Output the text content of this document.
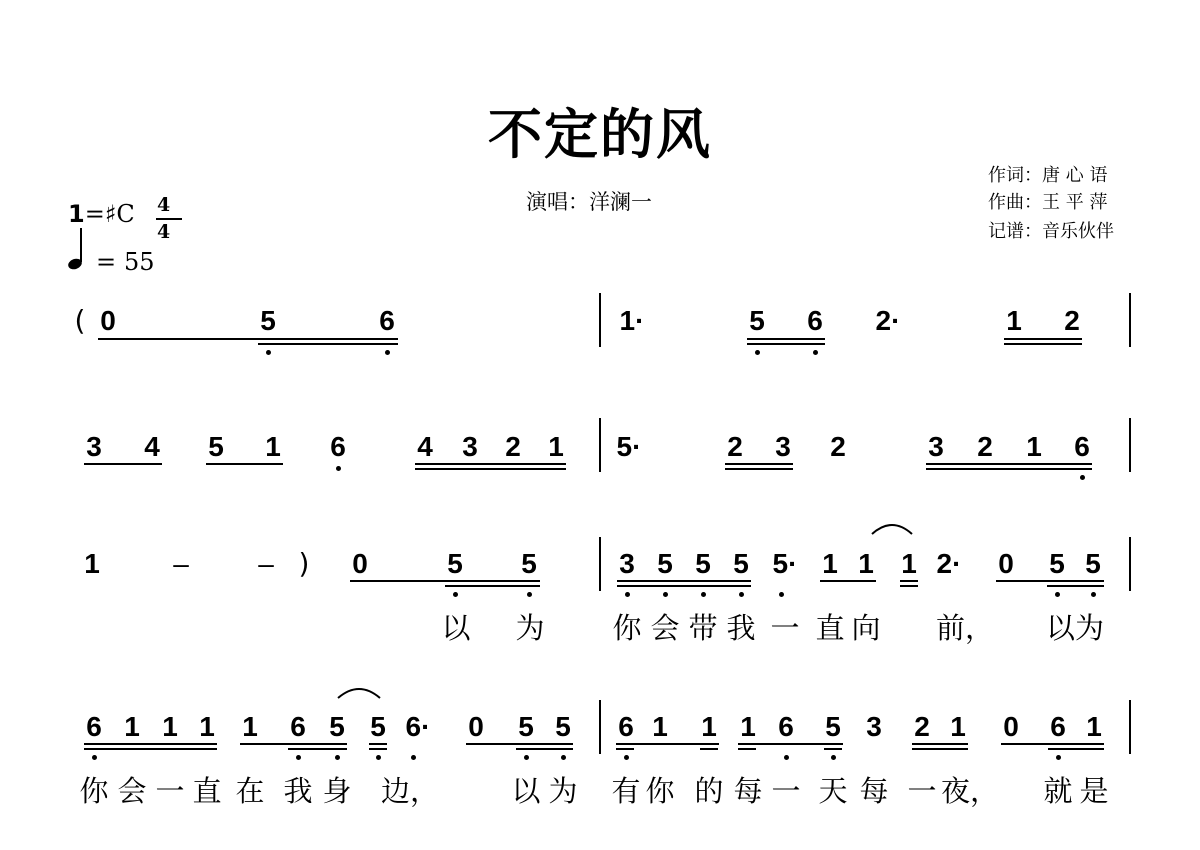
不定的风
演唱：洋澜一
作词：唐 心 语
作曲：王 平 萍
记谱：音乐伙伴
1=♯C 4
4
= 55
( 0	5	6	1·	5 6 2·	1 2
3 4 5 1 6	4 3 2 1 5·	2 3 2	3 2 1 6
1	– – )	0	5 5	3 5 5 5 5· 1 1 1 2· 0 5 5
以 为 你 会 带 我 一 直 向 前，	以为
6 1 1 1 1 6 5 5 6· 0 5 5 6 1 1 1 6 5 3 2 1 0 6 1
你 会 一 直 在 我 身 边， 以 为 有 你 的 每 一 天 每 一 夜， 就 是
